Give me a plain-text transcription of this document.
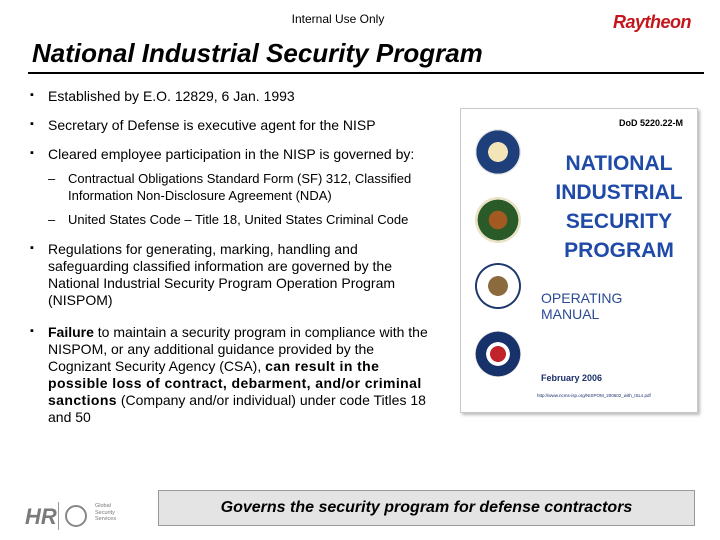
Internal Use Only	Raytheon
National Industrial Security Program
▪ Established by E.O. 12829, 6 Jan. 1993
▪ Secretary of Defense is executive agent for the NISP
▪ Cleared employee participation in the NISP is governed by:
– Contractual Obligations Standard Form (SF) 312, Classified Information Non-Disclosure Agreement (NDA)
– United States Code – Title 18, United States Criminal Code
▪ Regulations for generating, marking, handling and safeguarding classified information are governed by the National Industrial Security Program Operation Program (NISPOM)
▪ Failure to maintain a security program in compliance with the NISPOM, or any additional guidance provided by the Cognizant Security Agency (CSA), can result in the possible loss of contract, debarment, and/or criminal sanctions (Company and/or individual) under code Titles 18 and 50
DoD 5220.22-M
NATIONAL
INDUSTRIAL
SECURITY
PROGRAM
OPERATING
MANUAL
February 2006
http://www.ncms-isp.org/NISPOM_200602_with_ISLs.pdf
HR	Global
Security
Services
Governs the security program for defense contractors
